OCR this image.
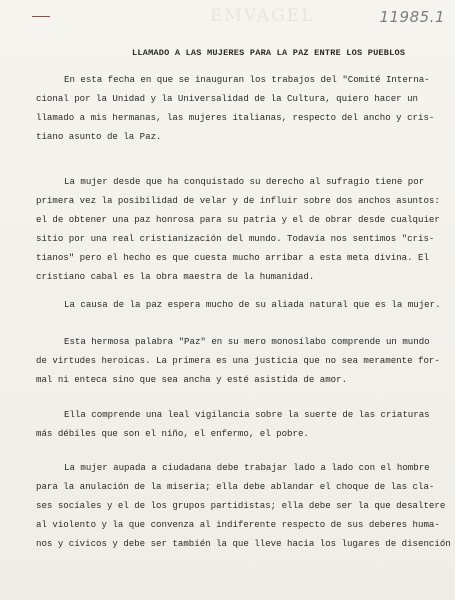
EMVAGEL	11985.1
LLAMADO A LAS MUJERES PARA LA PAZ ENTRE LOS PUEBLOS
En esta fecha en que se inauguran los trabajos del "Comité Interna-
cional por la Unidad y la Universalidad de la Cultura, quiero hacer un
llamado a mis hermanas, las mujeres italianas, respecto del ancho y cris-
tiano asunto de la Paz.
La mujer desde que ha conquistado su derecho al sufragio tiene por
primera vez la posibilidad de velar y de influir sobre dos anchos asuntos:
el de obtener una paz honrosa para su patria y el de obrar desde cualquier
sitio por una real cristianización del mundo. Todavía nos sentimos "cris-
tianos" pero el hecho es que cuesta mucho arribar a esta meta divina. El
cristiano cabal es la obra maestra de la humanidad.
La causa de la paz espera mucho de su aliada natural que es la mujer.
Esta hermosa palabra "Paz" en su mero monosílabo comprende un mundo
de virtudes heroicas. La primera es una justicia que no sea meramente for-
mal ni enteca sino que sea ancha y esté asistida de amor.
Ella comprende una leal vigilancia sobre la suerte de las criaturas
más débiles que son el niño, el enfermo, el pobre.
La mujer aupada a ciudadana debe trabajar lado a lado con el hombre
para la anulación de la miseria; ella debe ablandar el choque de las cla-
ses sociales y el de los grupos partidistas; ella debe ser la que desaltere
al violento y la que convenza al indiferente respecto de sus deberes huma-
nos y cívicos y debe ser también la que lleve hacia los lugares de disención
